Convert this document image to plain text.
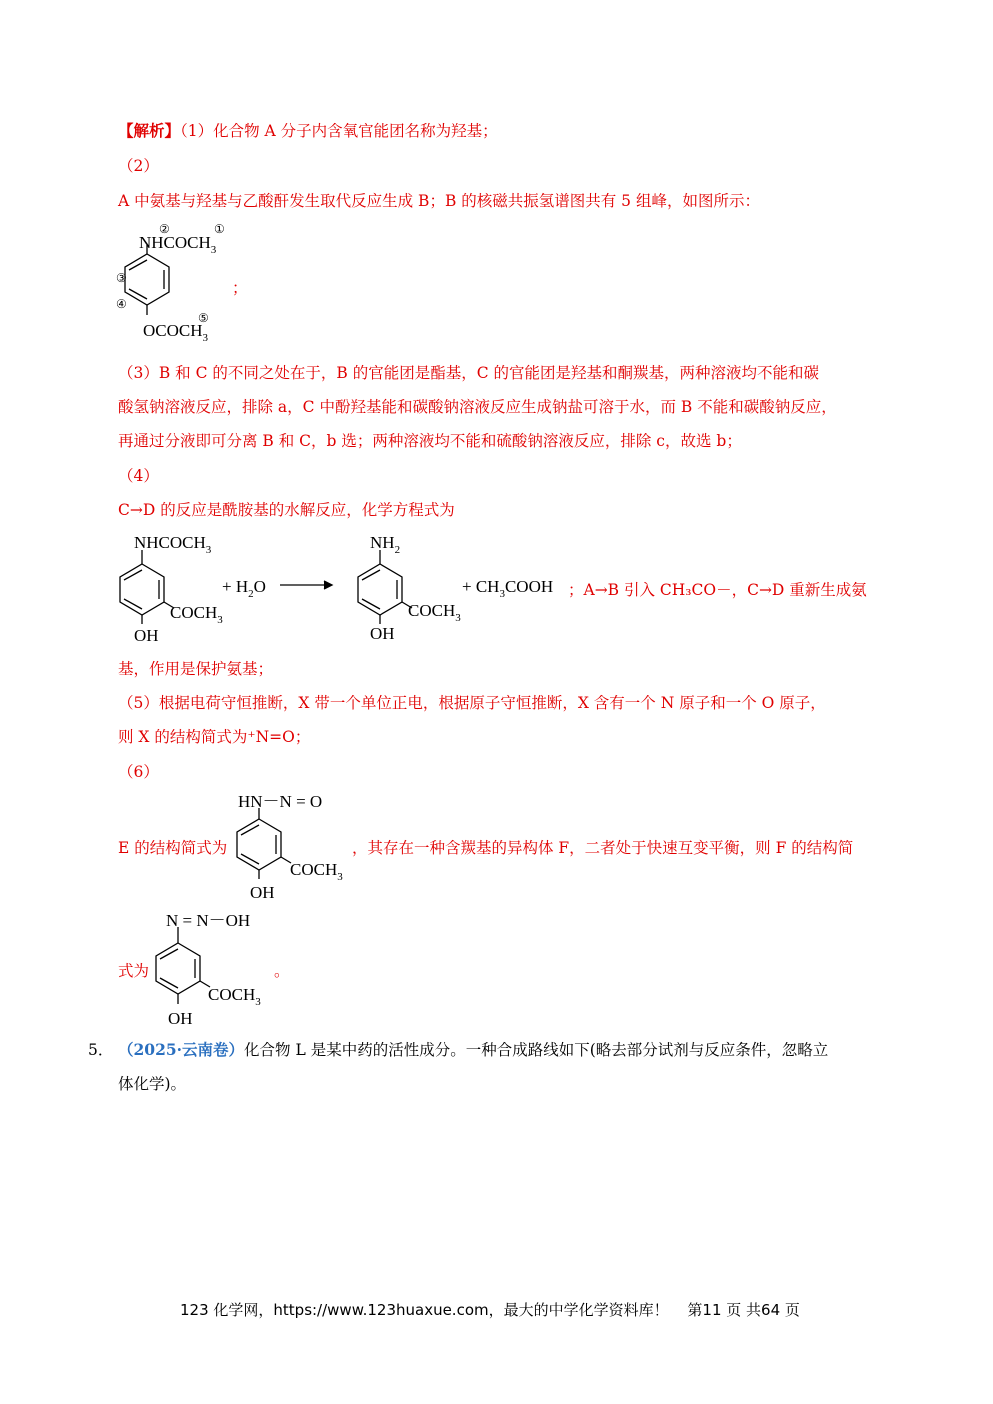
【解析】（1）化合物 A 分子内含氧官能团名称为羟基；
（2）
A 中氨基与羟基与乙酸酐发生取代反应生成 B；B 的核磁共振氢谱图共有 5 组峰，如图所示：
$NHCOCH_3$
$OCOCH_3$
②	①
③
④
⑤
；
（3）B 和 C 的不同之处在于，B 的官能团是酯基，C 的官能团是羟基和酮羰基，两种溶液均不能和碳
酸氢钠溶液反应，排除 a，C 中酚羟基能和碳酸钠溶液反应生成钠盐可溶于水，而 B 不能和碳酸钠反应，
再通过分液即可分离 B 和 C，b 选；两种溶液均不能和硫酸钠溶液反应，排除 c，故选 b；
（4）
C→D 的反应是酰胺基的水解反应，化学方程式为
$NHCOCH_3$
$COCH_3$
OH
+ $H_2O$
$NH_2$
$COCH_3$
OH
+ $CH_3COOH$ ；A→B 引入 CH₃CO－，C→D 重新生成氨
基，作用是保护氨基；
（5）根据电荷守恒推断，X 带一个单位正电，根据原子守恒推断，X 含有一个 N 原子和一个 O 原子，
则 X 的结构简式为⁺N=O；
（6）
E 的结构简式为
HN－N = O
$COCH_3$
OH
，其存在一种含羰基的异构体 F，二者处于快速互变平衡，则 F 的结构简
式为
N = N－OH
$COCH_3$
OH
。
5． （2025·云南卷）化合物 L 是某中药的活性成分。一种合成路线如下(略去部分试剂与反应条件，忽略立
体化学)。
123 化学网，https://www.123huaxue.com，最大的中学化学资料库！ 第11 页 共64 页
